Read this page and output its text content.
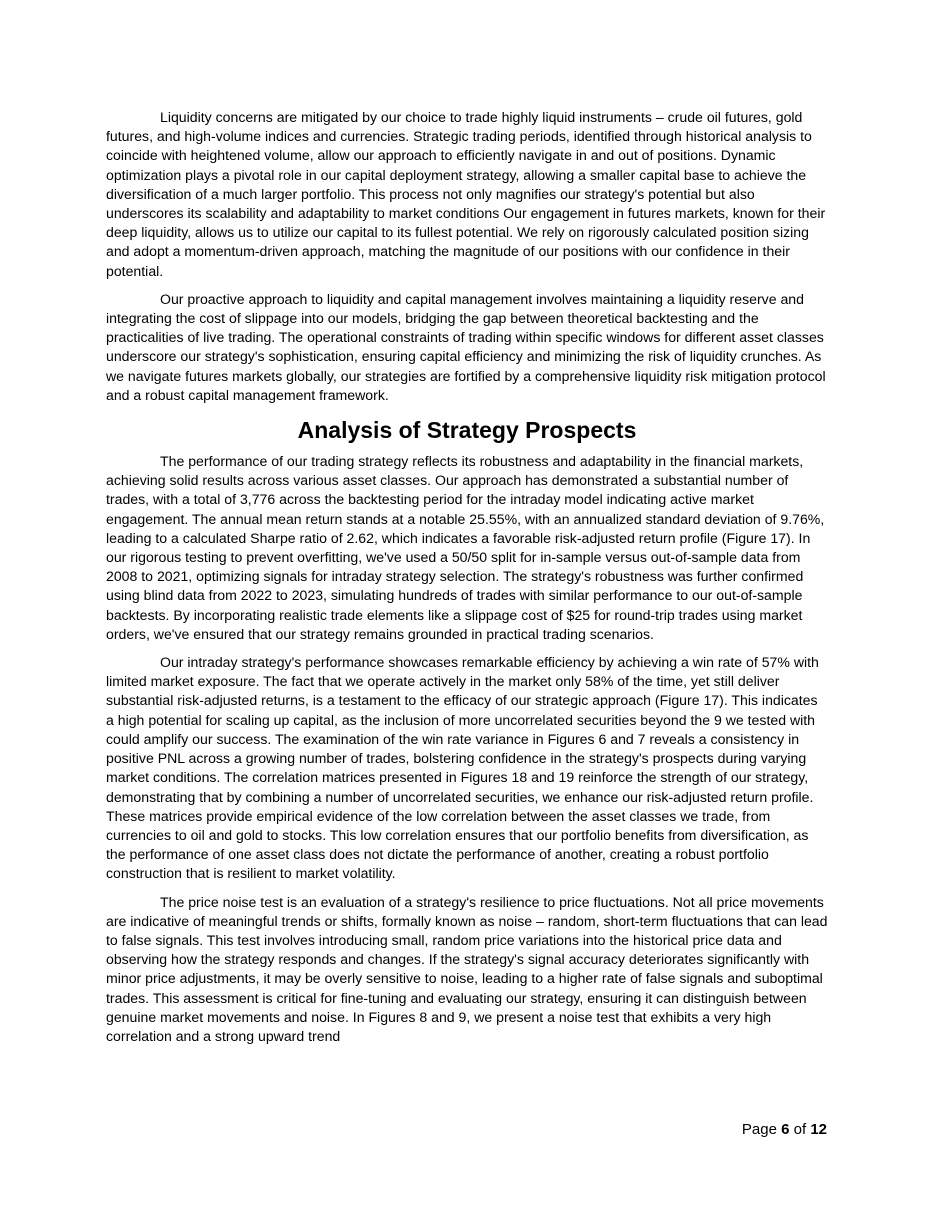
Liquidity concerns are mitigated by our choice to trade highly liquid instruments – crude oil futures, gold futures, and high-volume indices and currencies. Strategic trading periods, identified through historical analysis to coincide with heightened volume, allow our approach to efficiently navigate in and out of positions. Dynamic optimization plays a pivotal role in our capital deployment strategy, allowing a smaller capital base to achieve the diversification of a much larger portfolio. This process not only magnifies our strategy's potential but also underscores its scalability and adaptability to market conditions Our engagement in futures markets, known for their deep liquidity, allows us to utilize our capital to its fullest potential. We rely on rigorously calculated position sizing and adopt a momentum-driven approach, matching the magnitude of our positions with our confidence in their potential.

Our proactive approach to liquidity and capital management involves maintaining a liquidity reserve and integrating the cost of slippage into our models, bridging the gap between theoretical backtesting and the practicalities of live trading. The operational constraints of trading within specific windows for different asset classes underscore our strategy's sophistication, ensuring capital efficiency and minimizing the risk of liquidity crunches. As we navigate futures markets globally, our strategies are fortified by a comprehensive liquidity risk mitigation protocol and a robust capital management framework.

Analysis of Strategy Prospects

The performance of our trading strategy reflects its robustness and adaptability in the financial markets, achieving solid results across various asset classes. Our approach has demonstrated a substantial number of trades, with a total of 3,776 across the backtesting period for the intraday model indicating active market engagement. The annual mean return stands at a notable 25.55%, with an annualized standard deviation of 9.76%, leading to a calculated Sharpe ratio of 2.62, which indicates a favorable risk-adjusted return profile (Figure 17). In our rigorous testing to prevent overfitting, we've used a 50/50 split for in-sample versus out-of-sample data from 2008 to 2021, optimizing signals for intraday strategy selection. The strategy's robustness was further confirmed using blind data from 2022 to 2023, simulating hundreds of trades with similar performance to our out-of-sample backtests. By incorporating realistic trade elements like a slippage cost of $25 for round-trip trades using market orders, we've ensured that our strategy remains grounded in practical trading scenarios.

Our intraday strategy's performance showcases remarkable efficiency by achieving a win rate of 57% with limited market exposure. The fact that we operate actively in the market only 58% of the time, yet still deliver substantial risk-adjusted returns, is a testament to the efficacy of our strategic approach (Figure 17). This indicates a high potential for scaling up capital, as the inclusion of more uncorrelated securities beyond the 9 we tested with could amplify our success. The examination of the win rate variance in Figures 6 and 7 reveals a consistency in positive PNL across a growing number of trades, bolstering confidence in the strategy's prospects during varying market conditions. The correlation matrices presented in Figures 18 and 19 reinforce the strength of our strategy, demonstrating that by combining a number of uncorrelated securities, we enhance our risk-adjusted return profile. These matrices provide empirical evidence of the low correlation between the asset classes we trade, from currencies to oil and gold to stocks. This low correlation ensures that our portfolio benefits from diversification, as the performance of one asset class does not dictate the performance of another, creating a robust portfolio construction that is resilient to market volatility.

The price noise test is an evaluation of a strategy's resilience to price fluctuations. Not all price movements are indicative of meaningful trends or shifts, formally known as noise – random, short-term fluctuations that can lead to false signals. This test involves introducing small, random price variations into the historical price data and observing how the strategy responds and changes. If the strategy's signal accuracy deteriorates significantly with minor price adjustments, it may be overly sensitive to noise, leading to a higher rate of false signals and suboptimal trades. This assessment is critical for fine-tuning and evaluating our strategy, ensuring it can distinguish between genuine market movements and noise. In Figures 8 and 9, we present a noise test that exhibits a very high correlation and a strong upward trend

Page 6 of 12
